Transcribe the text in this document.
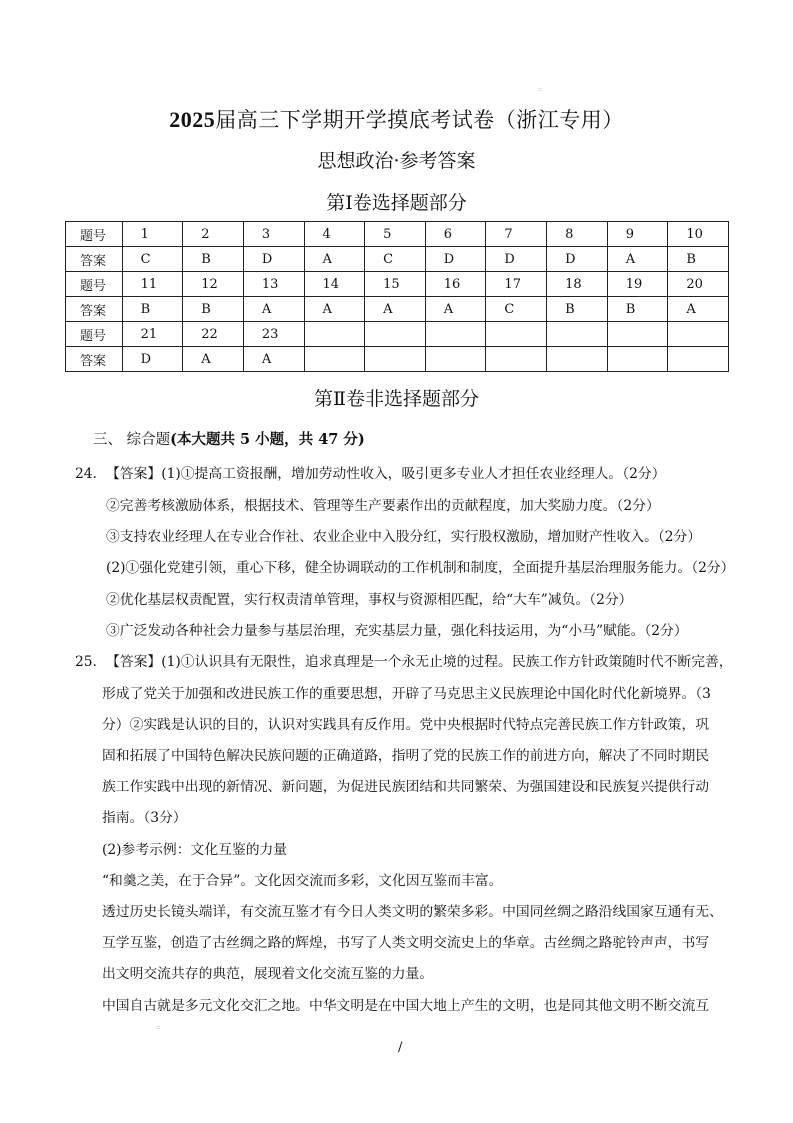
::
2025届高三下学期开学摸底考试卷（浙江专用）
思想政治·参考答案
第Ⅰ卷选择题部分
题号	1	2	3	4	5	6	7	8	9	10
答案	C	B	D	A	C	D	D	D	A	B
题号	11	12	13	14	15	16	17	18	19	20
答案	B	B	A	A	A	A	C	B	B	A
题号	21	22	23							
答案	D	A	A							
第Ⅱ卷非选择题部分
三、 综合题(本大题共 5 小题，共 47 分)
24. 【答案】(1)①提高工资报酬，增加劳动性收入，吸引更多专业人才担任农业经理人。（2分）
②完善考核激励体系，根据技术、管理等生产要素作出的贡献程度，加大奖励力度。（2分）
③支持农业经理人在专业合作社、农业企业中入股分红，实行股权激励，增加财产性收入。（2分）
(2)①强化党建引领，重心下移，健全协调联动的工作机制和制度，全面提升基层治理服务能力。（2分）
②优化基层权责配置，实行权责清单管理，事权与资源相匹配，给“大车”减负。（2分）
③广泛发动各种社会力量参与基层治理，充实基层力量，强化科技运用，为“小马”赋能。（2分）
25. 【答案】(1)①认识具有无限性，追求真理是一个永无止境的过程。民族工作方针政策随时代不断完善，
形成了党关于加强和改进民族工作的重要思想，开辟了马克思主义民族理论中国化时代化新境界。（3
分）②实践是认识的目的，认识对实践具有反作用。党中央根据时代特点完善民族工作方针政策，巩
固和拓展了中国特色解决民族问题的正确道路，指明了党的民族工作的前进方向，解决了不同时期民
族工作实践中出现的新情况、新问题，为促进民族团结和共同繁荣、为强国建设和民族复兴提供行动
指南。（3分）
(2)参考示例：文化互鉴的力量
“和羹之美，在于合异”。文化因交流而多彩，文化因互鉴而丰富。
透过历史长镜头端详，有交流互鉴才有今日人类文明的繁荣多彩。中国同丝绸之路沿线国家互通有无、
互学互鉴，创造了古丝绸之路的辉煌，书写了人类文明交流史上的华章。古丝绸之路驼铃声声，书写
出文明交流共存的典范，展现着文化交流互鉴的力量。
中国自古就是多元文化交汇之地。中华文明是在中国大地上产生的文明，也是同其他文明不断交流互
::
/
